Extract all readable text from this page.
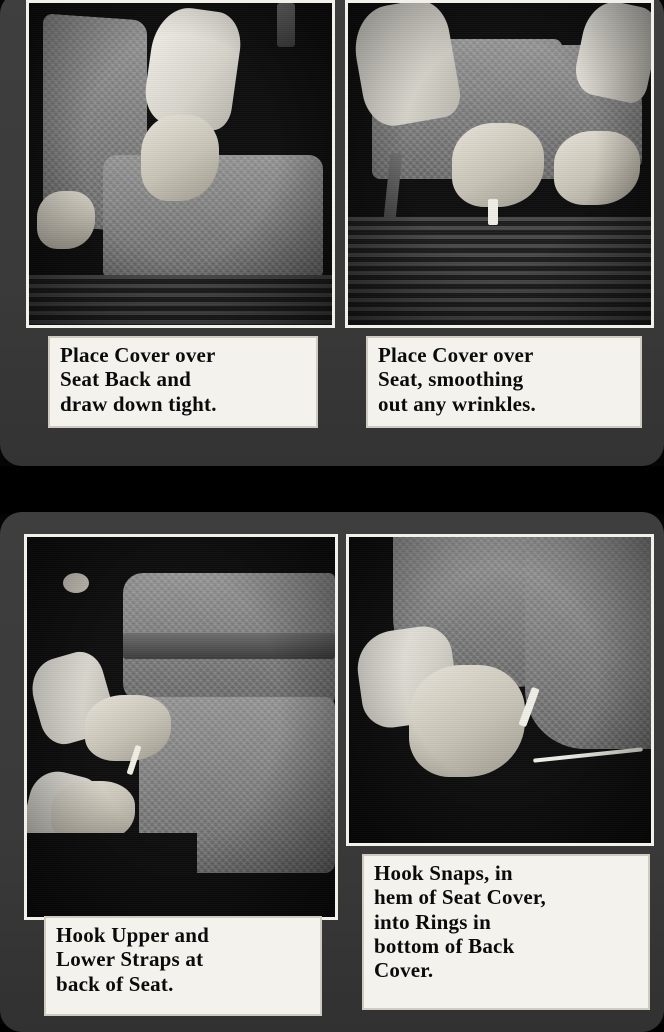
Place Cover over
Seat Back and
draw down tight.
Place Cover over
Seat, smoothing
out any wrinkles.
Hook Snaps, in
hem of Seat Cover,
into Rings in
bottom of Back
Cover.
Hook Upper and
Lower Straps at
back of Seat.
